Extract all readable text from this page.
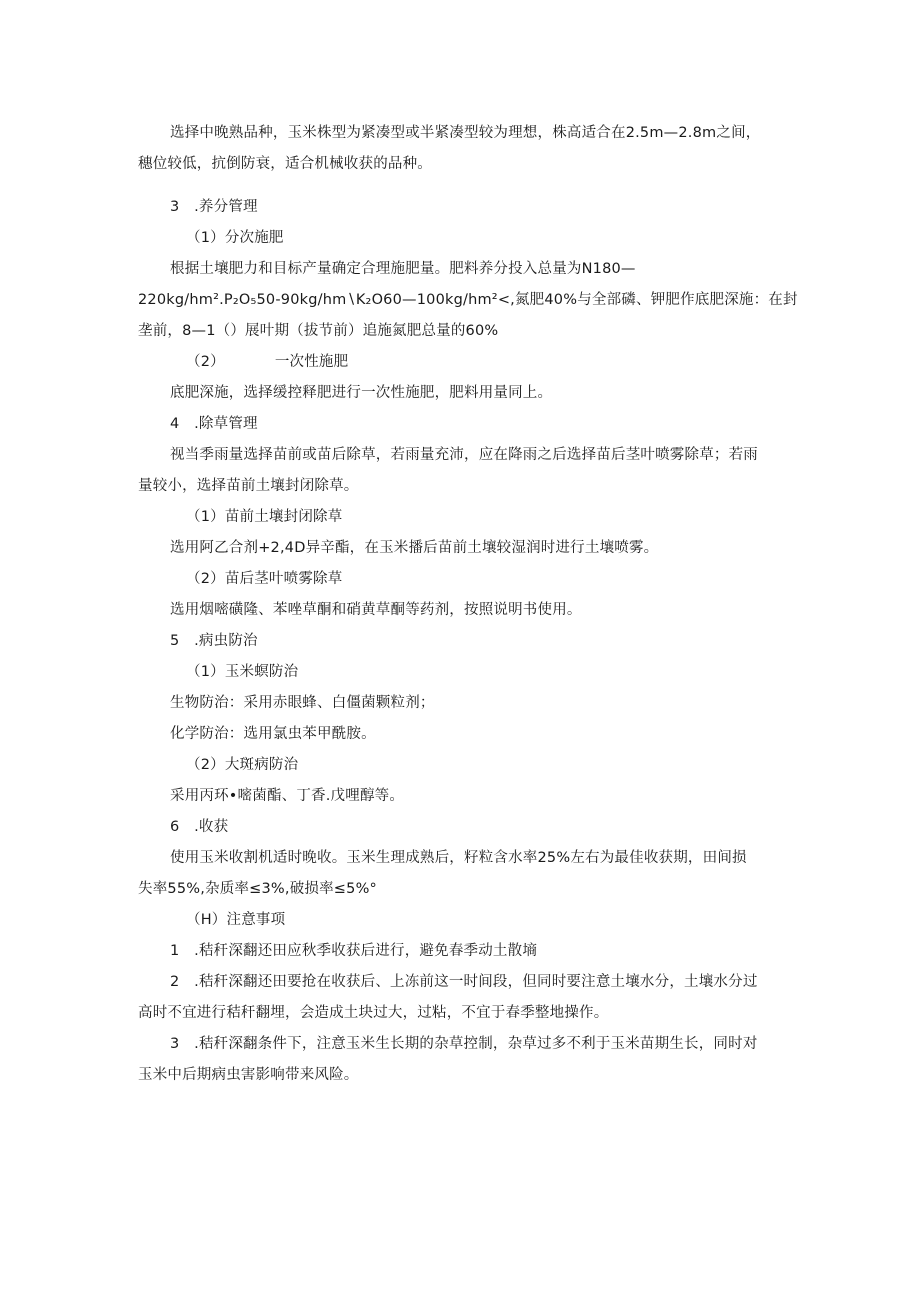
选择中晚熟品种，玉米株型为紧凑型或半紧凑型较为理想，株高适合在2.5m—2.8m之间，
穗位较低，抗倒防衰，适合机械收获的品种。
3　.养分管理
（1）分次施肥
根据土壤肥力和目标产量确定合理施肥量。肥料养分投入总量为N180—
220kg∕hm².P₂O₅50-90kg∕hm∖K₂O60—100kg∕hm²<,氮肥40%与全部磷、钾肥作底肥深施：在封
垄前，8—1（）展叶期（拔节前）追施氮肥总量的60%
（2）	一次性施肥
底肥深施，选择缓控释肥进行一次性施肥，肥料用量同上。
4　.除草管理
视当季雨量选择苗前或苗后除草，若雨量充沛，应在降雨之后选择苗后茎叶喷雾除草；若雨
量较小，选择苗前土壤封闭除草。
（1）苗前土壤封闭除草
选用阿乙合剂+2,4D异辛酯，在玉米播后苗前土壤较湿润时进行土壤喷雾。
（2）苗后茎叶喷雾除草
选用烟嘧磺隆、苯唑草酮和硝黄草酮等药剂，按照说明书使用。
5　.病虫防治
（1）玉米螟防治
生物防治：采用赤眼蜂、白僵菌颗粒剂；
化学防治：选用氯虫苯甲酰胺。
（2）大斑病防治
采用丙环•嘧菌酯、丁香.戊哩醇等。
6　.收获
使用玉米收割机适时晚收。玉米生理成熟后，籽粒含水率25%左右为最佳收获期，田间损
失率55%,杂质率≤3%,破损率≤5%°
（H）注意事项
1　.秸秆深翻还田应秋季收获后进行，避免春季动土散墒
2　.秸秆深翻还田要抢在收获后、上冻前这一时间段，但同时要注意土壤水分，土壤水分过
高时不宜进行秸秆翻埋，会造成土块过大，过粘，不宜于春季整地操作。
3　.秸秆深翻条件下，注意玉米生长期的杂草控制，杂草过多不利于玉米苗期生长，同时对
玉米中后期病虫害影响带来风险。
